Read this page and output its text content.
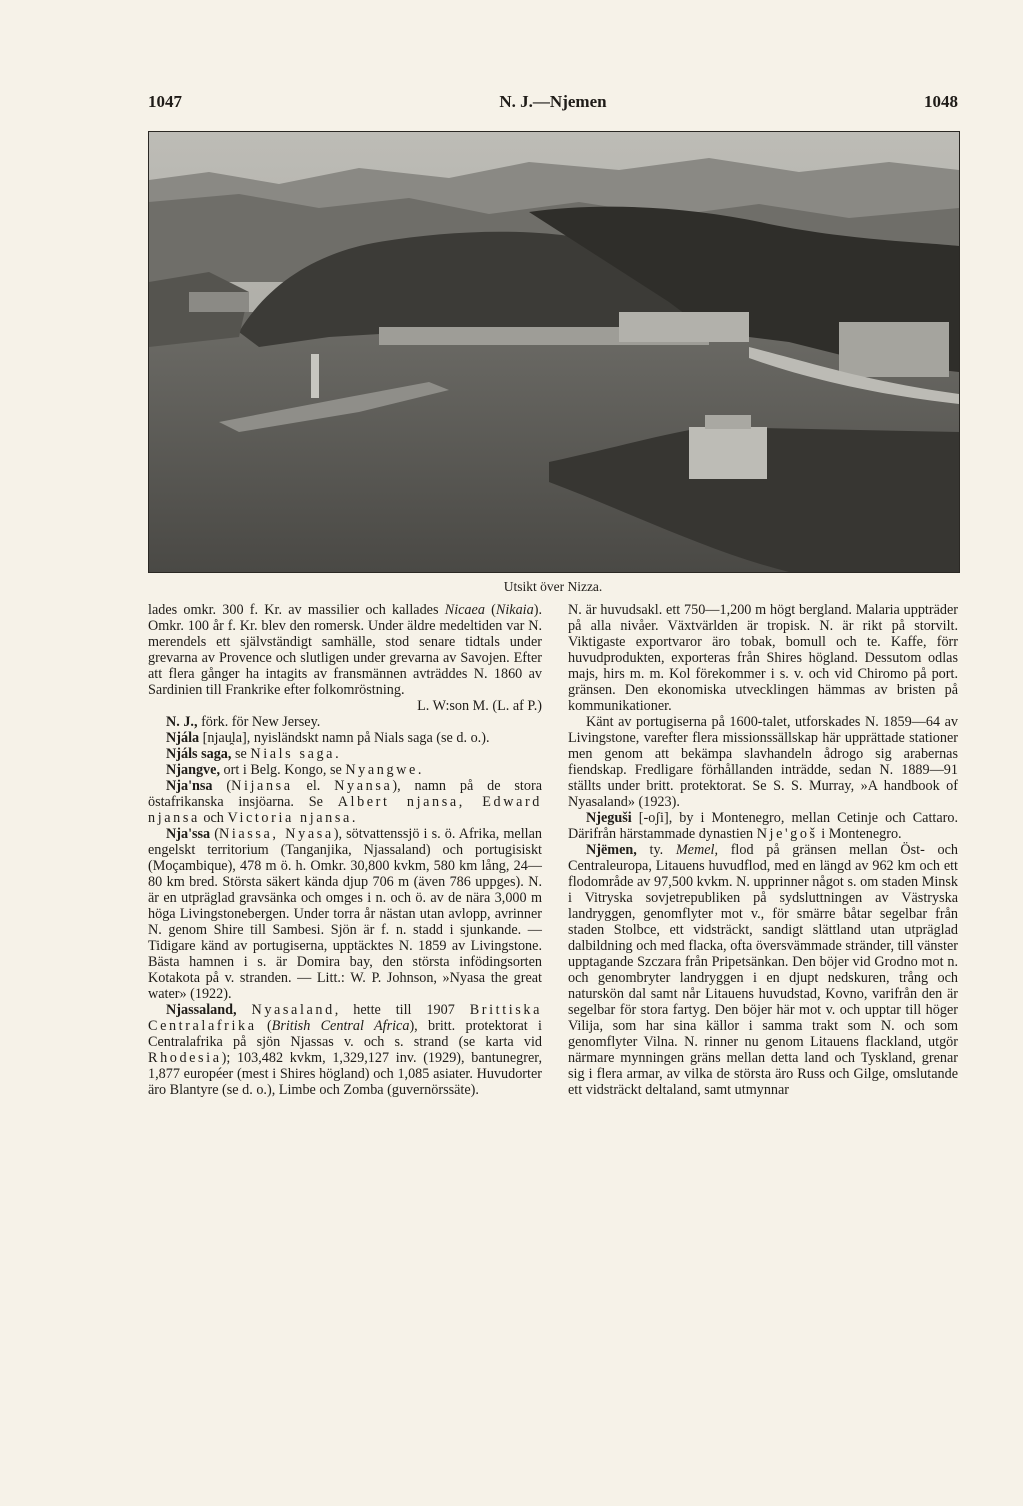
1047	N. J.—Njemen	1048
Utsikt över Nizza.

lades omkr. 300 f. Kr. av massilier och kallades Nicaea (Nikaia). Omkr. 100 år f. Kr. blev den romersk. Under äldre medeltiden var N. merendels ett självständigt samhälle, stod senare tidtals under grevarna av Provence och slutligen under grevarna av Savojen. Efter att flera gånger ha intagits av fransmännen avträddes N. 1860 av Sardinien till Frankrike efter folkomröstning.

L. W:son M. (L. af P.)

N. J., förk. för New Jersey.

Njála [njau̯la], nyisländskt namn på Nials saga (se d. o.).

Njáls saga, se Nials saga.

Njangve, ort i Belg. Kongo, se Nyangwe.

Nja'nsa (Nijansa el. Nyansa), namn på de stora östafrikanska insjöarna. Se Albert njansa, Edward njansa och Victoria njansa.

Nja'ssa (Niassa, Nyasa), sötvattenssjö i s. ö. Afrika, mellan engelskt territorium (Tanganjika, Njassaland) och portugisiskt (Moçambique), 478 m ö. h. Omkr. 30,800 kvkm, 580 km lång, 24—80 km bred. Största säkert kända djup 706 m (även 786 uppges). N. är en utpräglad gravsänka och omges i n. och ö. av de nära 3,000 m höga Livingstonebergen. Under torra år nästan utan avlopp, avrinner N. genom Shire till Sambesi. Sjön är f. n. stadd i sjunkande. — Tidigare känd av portugiserna, upptäcktes N. 1859 av Livingstone. Bästa hamnen i s. är Domira bay, den största infödingsorten Kotakota på v. stranden. — Litt.: W. P. Johnson, »Nyasa the great water» (1922).

Njassaland, Nyasaland, hette till 1907 Brittiska Centralafrika (British Central Africa), britt. protektorat i Centralafrika på sjön Njassas v. och s. strand (se karta vid Rhodesia); 103,482 kvkm, 1,329,127 inv. (1929), bantunegrer, 1,877 européer (mest i Shires högland) och 1,085 asiater. Huvudorter äro Blantyre (se d. o.), Limbe och Zomba (guvernörssäte).

N. är huvudsakl. ett 750—1,200 m högt bergland. Malaria uppträder på alla nivåer. Växtvärlden är tropisk. N. är rikt på storvilt. Viktigaste exportvaror äro tobak, bomull och te. Kaffe, förr huvudprodukten, exporteras från Shires högland. Dessutom odlas majs, hirs m. m. Kol förekommer i s. v. och vid Chiromo på port. gränsen. Den ekonomiska utvecklingen hämmas av bristen på kommunikationer.

Känt av portugiserna på 1600-talet, utforskades N. 1859—64 av Livingstone, varefter flera missionssällskap här upprättade stationer men genom att bekämpa slavhandeln ådrogo sig arabernas fiendskap. Fredligare förhållanden inträdde, sedan N. 1889—91 ställts under britt. protektorat. Se S. S. Murray, »A handbook of Nyasaland» (1923).

Njeguši [-oʃi], by i Montenegro, mellan Cetinje och Cattaro. Därifrån härstammade dynastien Nje'goš i Montenegro.

Njëmen, ty. Memel, flod på gränsen mellan Öst- och Centraleuropa, Litauens huvudflod, med en längd av 962 km och ett flodområde av 97,500 kvkm. N. upprinner något s. om staden Minsk i Vitryska sovjetrepubliken på sydsluttningen av Västryska landryggen, genomflyter mot v., för smärre båtar segelbar från staden Stolbce, ett vidsträckt, sandigt slättland utan utpräglad dalbildning och med flacka, ofta översvämmade stränder, till vänster upptagande Szczara från Pripetsänkan. Den böjer vid Grodno mot n. och genombryter landryggen i en djupt nedskuren, trång och naturskön dal samt når Litauens huvudstad, Kovno, varifrån den är segelbar för stora fartyg. Den böjer här mot v. och upptar till höger Vilija, som har sina källor i samma trakt som N. och som genomflyter Vilna. N. rinner nu genom Litauens flackland, utgör närmare mynningen gräns mellan detta land och Tyskland, grenar sig i flera armar, av vilka de största äro Russ och Gilge, omslutande ett vidsträckt deltaland, samt utmynnar
